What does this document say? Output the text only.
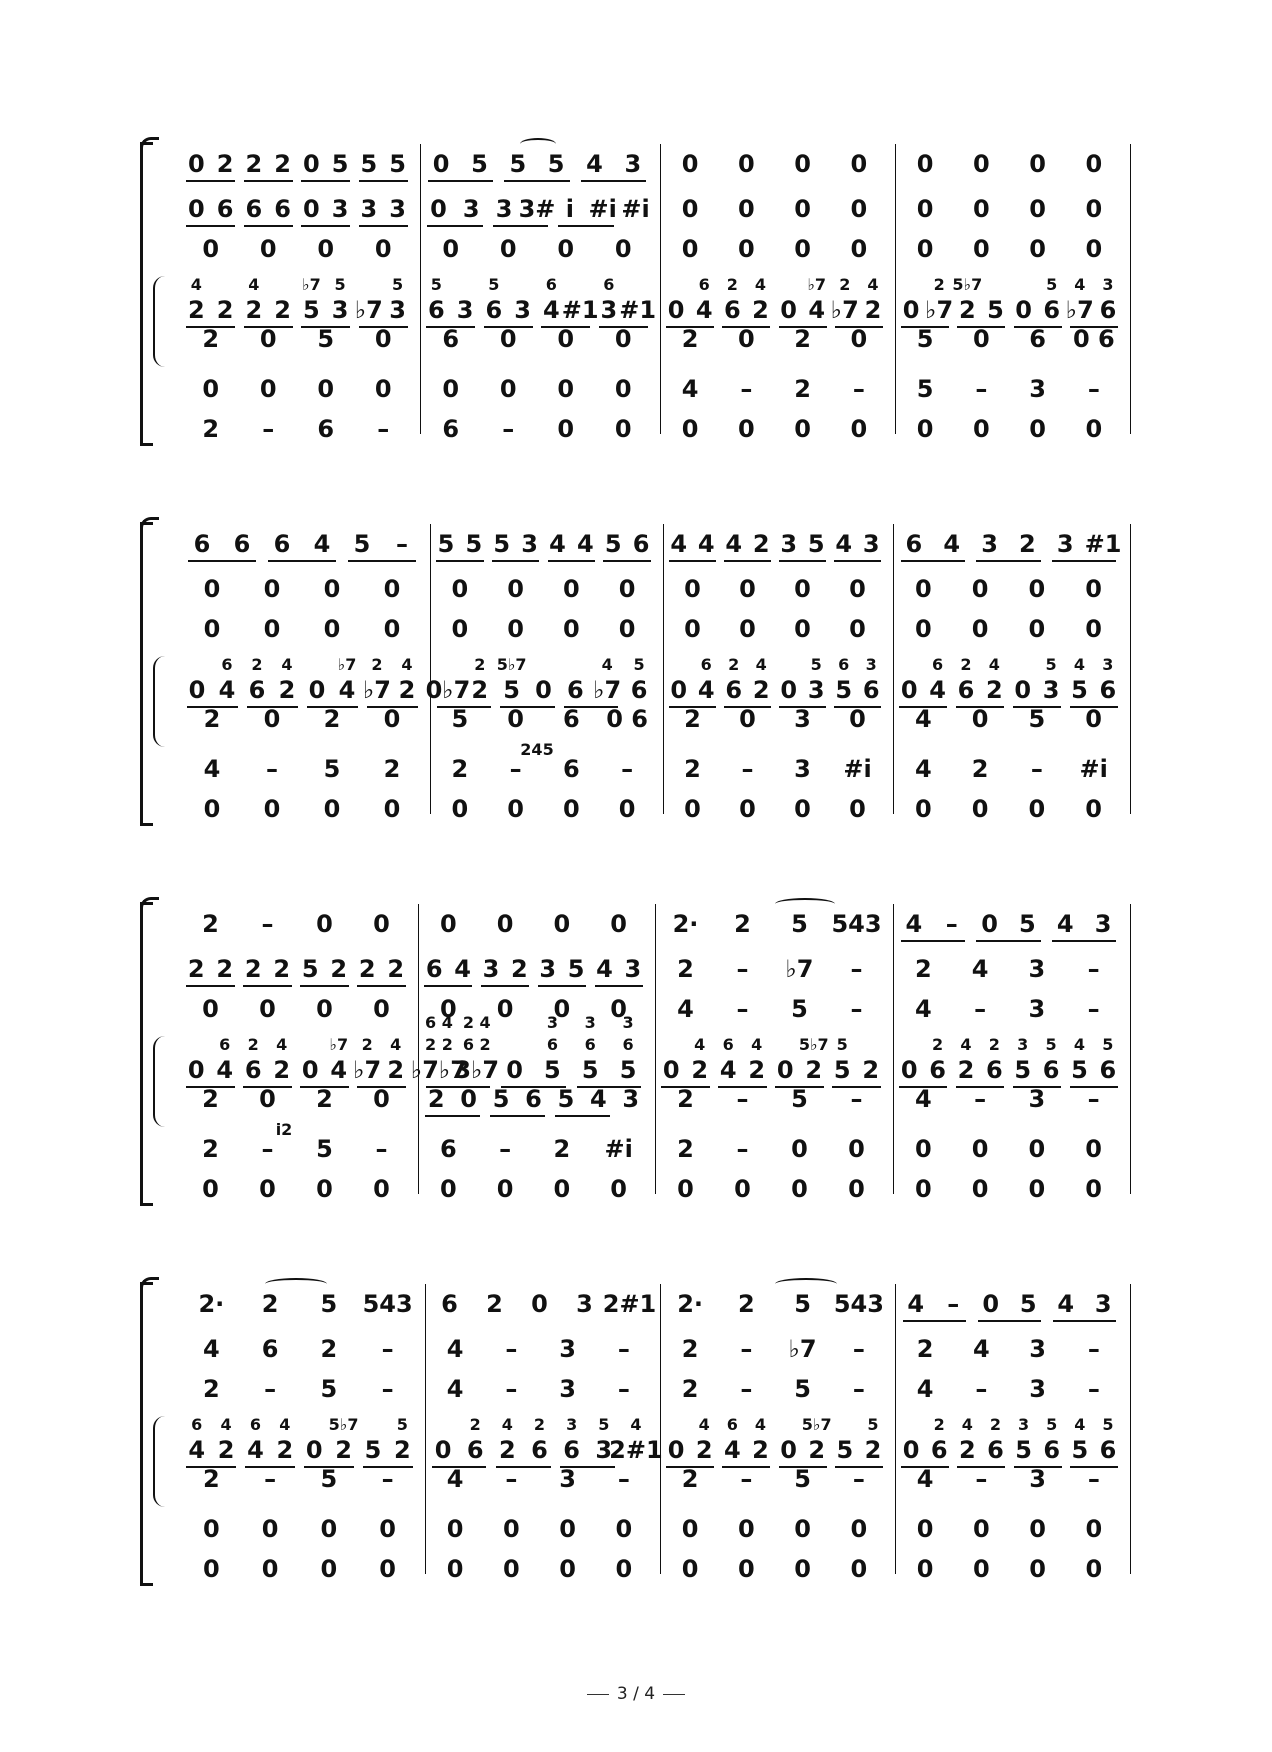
0 2 2 2 0 5 5 5 0 5 5 5 4 3 0 0 0 0 0 0 0 0
0 6 6 6 0 3 3 3 0 3 3 3# i #i #i 0 0 0 0 0 0 0 0
0 0 0 0 0 0 0 0 0 0 0 0 0 0 0 0
2
4
2 2
4
2 5
♭7
3
5
♭7 3
5
6
5
3 6
5
3 4
6
#1 3
6
#1 0 4
6
6
2
2
4
0 4
♭7
♭7
2
2
4
0 ♭7
2
2
5♭7
5 0 6
5
♭7
4
6
3
2 0 5 0 6 0 0 0 2 0 2 0 5 0 6 0 6
0 0 0 0 0 0 0 0 4 – 2 – 5 – 3 –
2 – 6 – 6 – 0 0 0 0 0 0 0 0 0 0
6 6 6 4 5 – 5 5 5 3 4 4 5 6 4 4 4 2 3 5 4 3 6 4 3 2 3 #1
0 0 0 0 0 0 0 0 0 0 0 0 0 0 0 0
0 0 0 0 0 0 0 0 0 0 0 0 0 0 0 0
0 4
6
6
2
2
4
0 4
♭7
♭7
2
2
4
0♭7 2
2
5
5♭7
0 6 ♭7
4
6
5
0 4
6
6
2
2
4
0 3
5
5
6
6
3
0 4
6
6
2
2
4
0 3
5
5
4
6
3
2 0 2 0 5 0 6 0 6 2 0 3 0 4 0 5 0
4 – 5 2 2 – 6 – 2 – 3 #i 4 2 – #i
245
0 0 0 0 0 0 0 0 0 0 0 0 0 0 0 0
2 – 0 0 0 0 0 0 2· 2 5 543 4 – 0 5 4 3
2 2 2 2 5 2 2 2 6 4 3 2 3 5 4 3 2 – ♭7 – 2 4 3 –
0 0 0 0 0 0 0 0 4 – 5 – 4 – 3 –
0 4
6
6
2
2
4
0 4
♭7
♭7
2
2
4
♭7♭7
2 2
6 4
3♭7
6 2
2 4
0 5
6
3
5
6
3
5
6
3
0 2
4
4
6
2
4
0 2
5♭7
5
5
2 0 6
2
2
4
6
2
5
3
6
5
5
4
6
5
2 0 2 0 2 0 5 6 5 4 3 2 – 5 – 4 – 3 –
2 – 5 – 6 – 2 #i 2 – 0 0 0 0 0 0
i2
0 0 0 0 0 0 0 0 0 0 0 0 0 0 0 0
2· 2 5 543 6 2 0 3 2#1 2· 2 5 543 4 – 0 5 4 3
4 6 2 – 4 – 3 – 2 – ♭7 – 2 4 3 –
2 – 5 – 4 – 3 – 2 – 5 – 4 – 3 –
4
6
2
4
4
6
2
4
0 2
5♭7
5 2
5
0 6
2
2
4
6
2
6
3
3
5
2#1
4
0 2
4
4
6
2
4
0 2
5♭7
5 2
5
0 6
2
2
4
6
2
5
3
6
5
5
4
6
5
2 – 5 – 4 – 3 – 2 – 5 – 4 – 3 –
0 0 0 0 0 0 0 0 0 0 0 0 0 0 0 0
0 0 0 0 0 0 0 0 0 0 0 0 0 0 0 0
3 / 4
